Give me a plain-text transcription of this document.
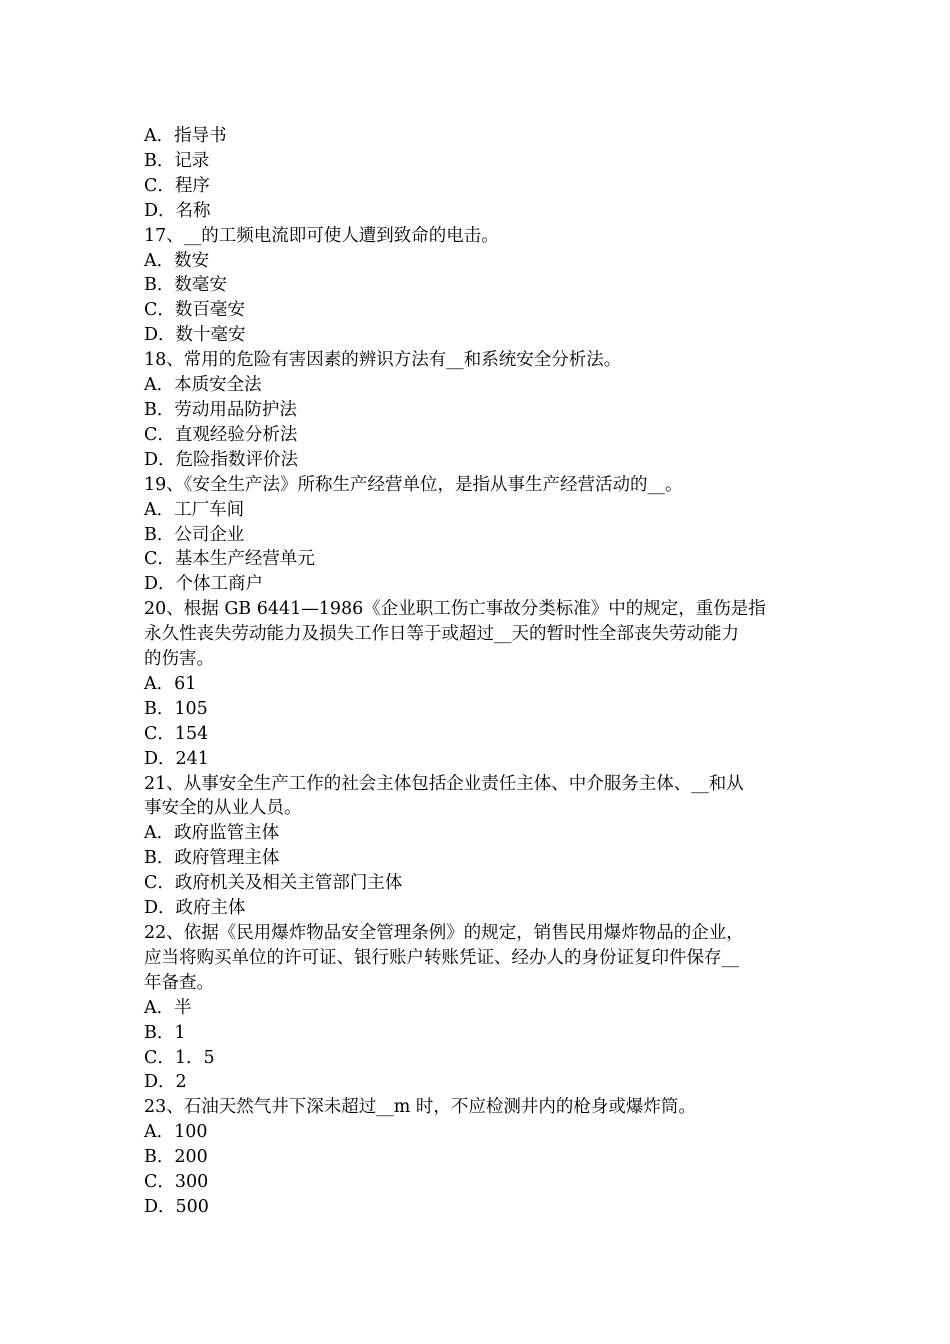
A．指导书
B．记录
C．程序
D．名称
17、__的工频电流即可使人遭到致命的电击。
A．数安
B．数毫安
C．数百毫安
D．数十毫安
18、常用的危险有害因素的辨识方法有__和系统安全分析法。
A．本质安全法
B．劳动用品防护法
C．直观经验分析法
D．危险指数评价法
19、《安全生产法》所称生产经营单位，是指从事生产经营活动的__。
A．工厂车间
B．公司企业
C．基本生产经营单元
D．个体工商户
20、根据 GB 6441—1986《企业职工伤亡事故分类标准》中的规定，重伤是指
永久性丧失劳动能力及损失工作日等于或超过__天的暂时性全部丧失劳动能力
的伤害。
A．61
B．105
C．154
D．241
21、从事安全生产工作的社会主体包括企业责任主体、中介服务主体、__和从
事安全的从业人员。
A．政府监管主体
B．政府管理主体
C．政府机关及相关主管部门主体
D．政府主体
22、依据《民用爆炸物品安全管理条例》的规定，销售民用爆炸物品的企业，
应当将购买单位的许可证、银行账户转账凭证、经办人的身份证复印件保存__
年备查。
A．半
B．1
C．1．5
D．2
23、石油天然气井下深未超过__m 时，不应检测井内的枪身或爆炸筒。
A．100
B．200
C．300
D．500
